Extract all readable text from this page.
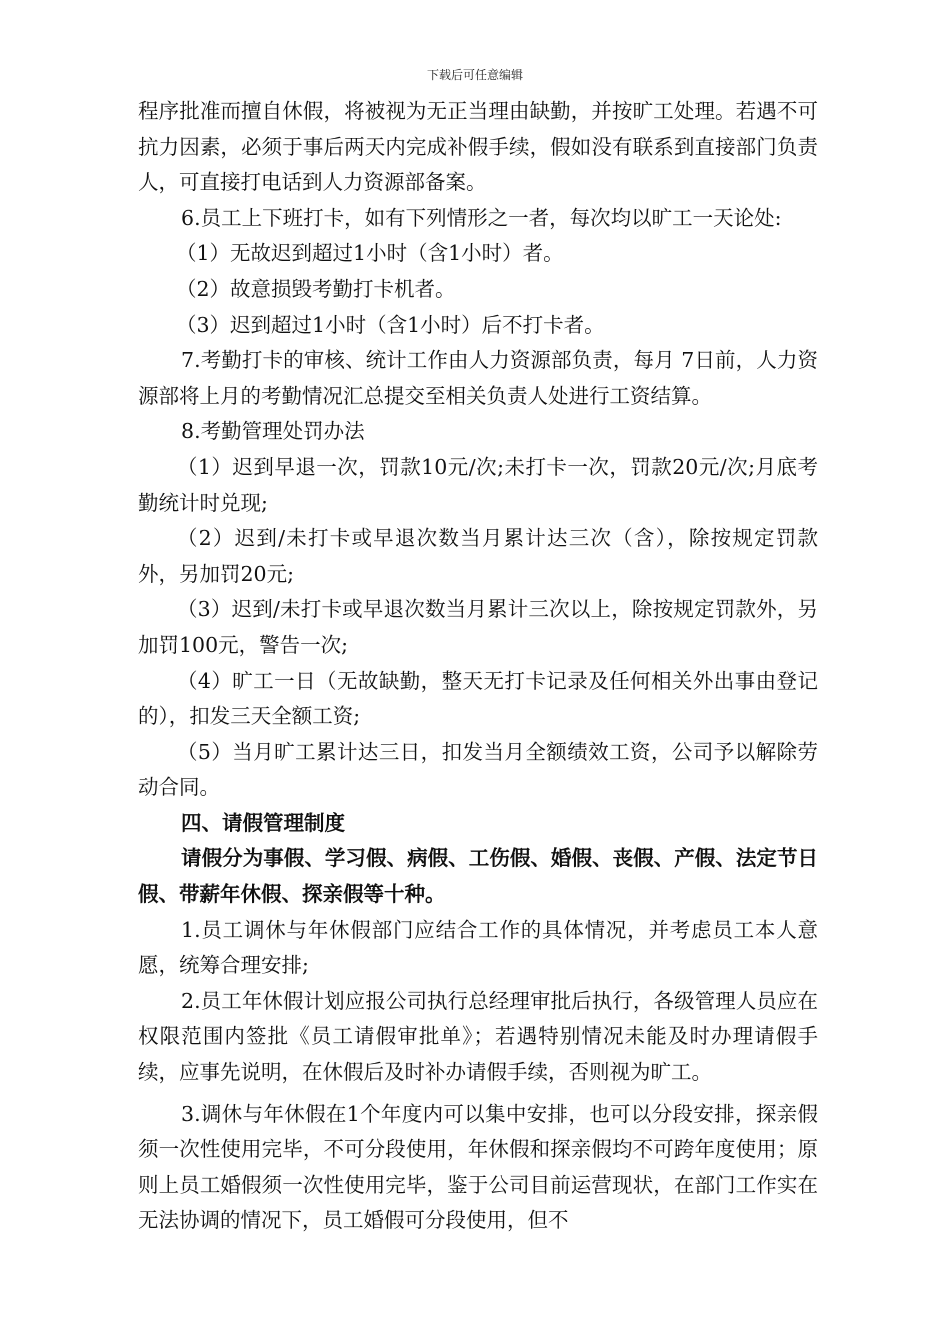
下载后可任意编辑

程序批准而擅自休假，将被视为无正当理由缺勤，并按旷工处理。若遇不可抗力因素，必须于事后两天内完成补假手续，假如没有联系到直接部门负责人，可直接打电话到人力资源部备案。

6.员工上下班打卡，如有下列情形之一者，每次均以旷工一天论处:

（1）无故迟到超过1小时（含1小时）者。

（2）故意损毁考勤打卡机者。

（3）迟到超过1小时（含1小时）后不打卡者。

7.考勤打卡的审核、统计工作由人力资源部负责，每月 7日前，人力资源部将上月的考勤情况汇总提交至相关负责人处进行工资结算。

8.考勤管理处罚办法

（1）迟到早退一次，罚款10元/次;未打卡一次，罚款20元/次;月底考勤统计时兑现;

（2）迟到/未打卡或早退次数当月累计达三次（含），除按规定罚款外，另加罚20元;

（3）迟到/未打卡或早退次数当月累计三次以上，除按规定罚款外，另加罚100元，警告一次;

（4）旷工一日（无故缺勤，整天无打卡记录及任何相关外出事由登记的），扣发三天全额工资;

（5）当月旷工累计达三日，扣发当月全额绩效工资，公司予以解除劳动合同。

四、请假管理制度

请假分为事假、学习假、病假、工伤假、婚假、丧假、产假、法定节日假、带薪年休假、探亲假等十种。

1.员工调休与年休假部门应结合工作的具体情况，并考虑员工本人意愿，统筹合理安排;

2.员工年休假计划应报公司执行总经理审批后执行，各级管理人员应在权限范围内签批《员工请假审批单》；若遇特别情况未能及时办理请假手续，应事先说明，在休假后及时补办请假手续，否则视为旷工。

3.调休与年休假在1个年度内可以集中安排，也可以分段安排，探亲假须一次性使用完毕，不可分段使用，年休假和探亲假均不可跨年度使用；原则上员工婚假须一次性使用完毕，鉴于公司目前运营现状，在部门工作实在无法协调的情况下，员工婚假可分段使用，但不
